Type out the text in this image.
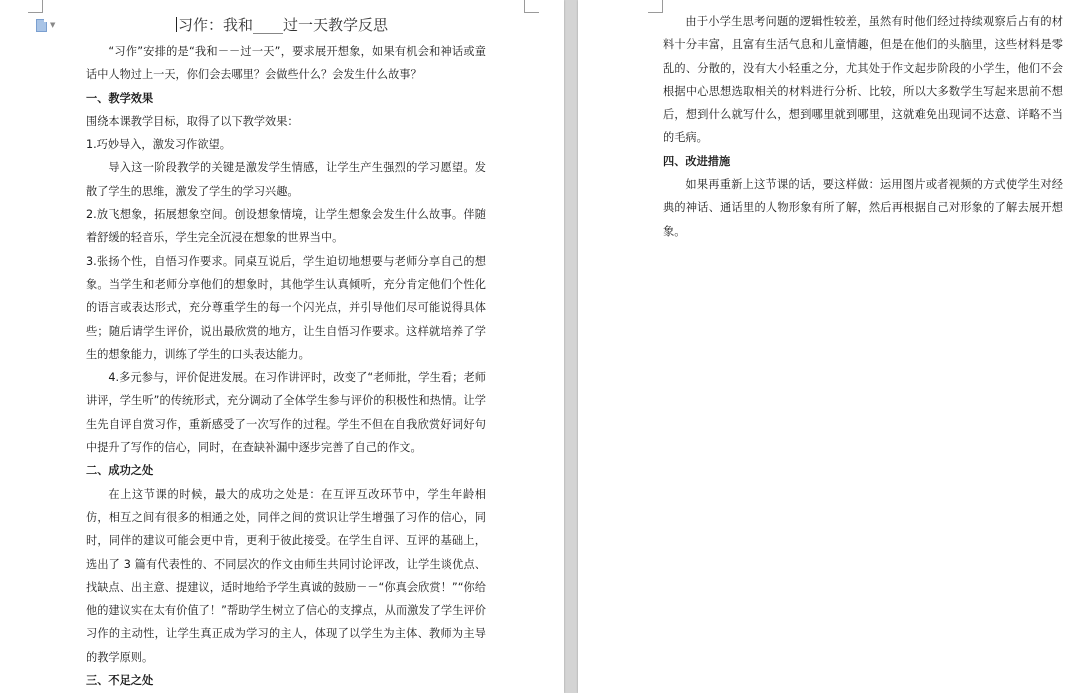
▼	习作：我和____过一天教学反思

“习作”安排的是“我和－－过一天”，要求展开想象，如果有机会和神话或童话中人物过上一天，你们会去哪里？会做些什么？会发生什么故事？

一、教学效果

围绕本课教学目标，取得了以下教学效果：

1.巧妙导入，激发习作欲望。

导入这一阶段教学的关键是激发学生情感，让学生产生强烈的学习愿望。发散了学生的思维，激发了学生的学习兴趣。

2.放飞想象，拓展想象空间。创设想象情境，让学生想象会发生什么故事。伴随着舒缓的轻音乐，学生完全沉浸在想象的世界当中。

3.张扬个性，自悟习作要求。同桌互说后，学生迫切地想要与老师分享自己的想象。当学生和老师分享他们的想象时，其他学生认真倾听，充分肯定他们个性化的语言或表达形式，充分尊重学生的每一个闪光点，并引导他们尽可能说得具体些；随后请学生评价，说出最欣赏的地方，让生自悟习作要求。这样就培养了学生的想象能力，训练了学生的口头表达能力。

4.多元参与，评价促进发展。在习作讲评时，改变了“老师批，学生看；老师讲评，学生听”的传统形式，充分调动了全体学生参与评价的积极性和热情。让学生先自评自赏习作，重新感受了一次写作的过程。学生不但在自我欣赏好词好句中提升了写作的信心，同时，在查缺补漏中逐步完善了自己的作文。

二、成功之处

在上这节课的时候，最大的成功之处是：在互评互改环节中，学生年龄相仿，相互之间有很多的相通之处，同伴之间的赏识让学生增强了习作的信心，同时，同伴的建议可能会更中肯，更利于彼此接受。在学生自评、互评的基础上，选出了 3 篇有代表性的、不同层次的作文由师生共同讨论评改，让学生谈优点、找缺点、出主意、提建议，适时地给予学生真诚的鼓励－－“你真会欣赏！”“你给他的建议实在太有价值了！”帮助学生树立了信心的支撑点，从而激发了学生评价习作的主动性，让学生真正成为学习的主人，体现了以学生为主体、教师为主导的教学原则。

三、不足之处

由于小学生思考问题的逻辑性较差，虽然有时他们经过持续观察后占有的材料十分丰富，且富有生活气息和儿童情趣，但是在他们的头脑里，这些材料是零乱的、分散的，没有大小轻重之分，尤其处于作文起步阶段的小学生，他们不会根据中心思想选取相关的材料进行分析、比较，所以大多数学生写起来思前不想后，想到什么就写什么，想到哪里就到哪里，这就难免出现词不达意、详略不当的毛病。

四、改进措施

如果再重新上这节课的话，要这样做：运用图片或者视频的方式使学生对经典的神话、通话里的人物形象有所了解，然后再根据自己对形象的了解去展开想象。
